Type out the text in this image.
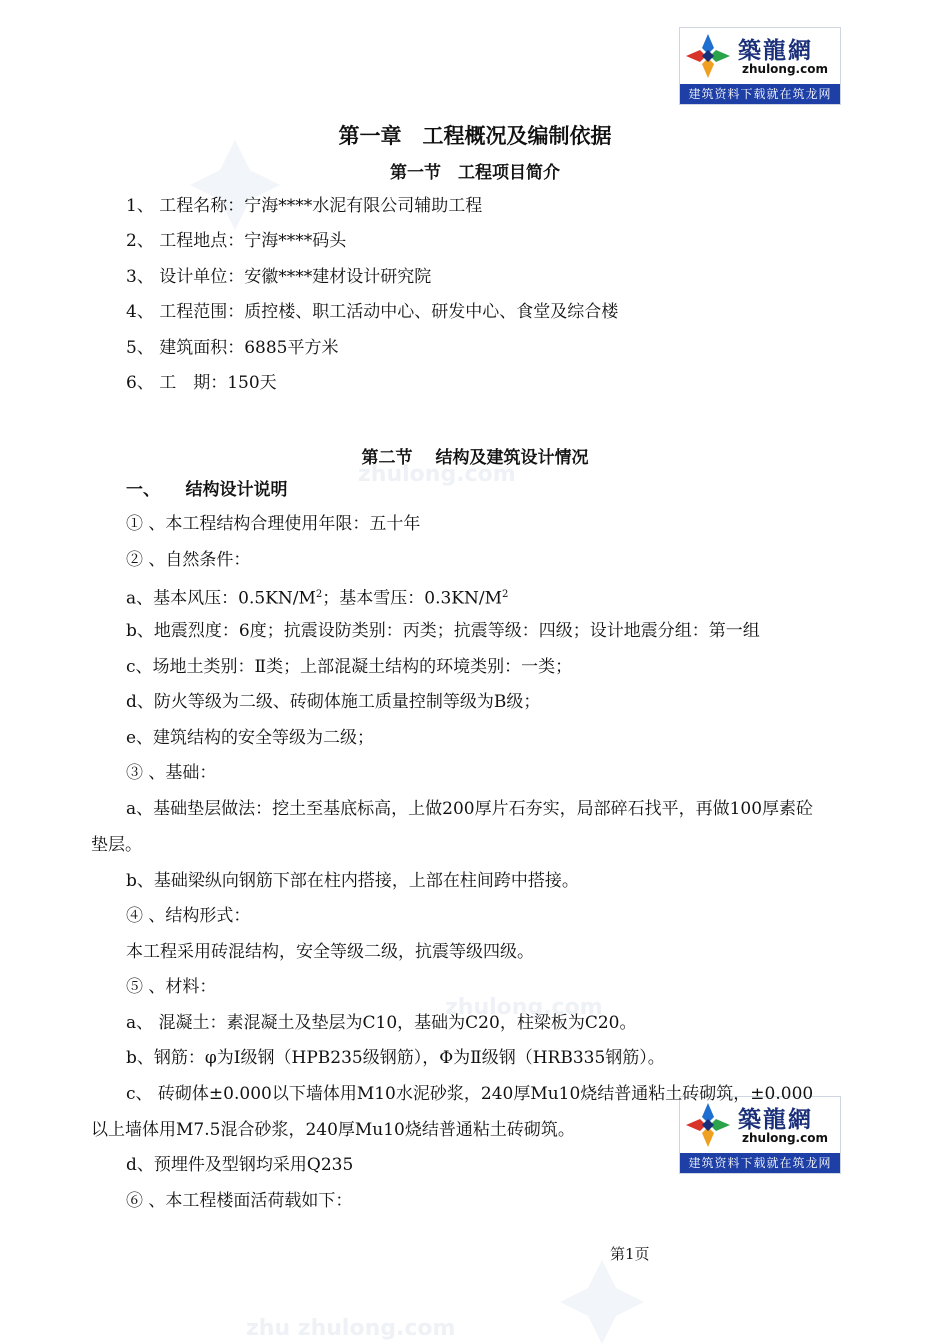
zhulong.com
zhulong.com
zhu zhulong.com
築龍網
zhulong.com
建筑资料下载就在筑龙网
築龍網
zhulong.com
建筑资料下载就在筑龙网
第一章　工程概况及编制依据
第一节　工程项目简介
1、 工程名称：宁海****水泥有限公司辅助工程
2、 工程地点：宁海****码头
3、 设计单位：安徽****建材设计研究院
4、 工程范围：质控楼、职工活动中心、研发中心、食堂及综合楼
5、 建筑面积：6885平方米
6、 工　期：150天
第二节　 结构及建筑设计情况
一、　　结构设计说明
① 、本工程结构合理使用年限：五十年
② 、自然条件：
a、基本风压：$0.5KN/M^2$；基本雪压：$0.3KN/M^2$
b、地震烈度：6度；抗震设防类别：丙类；抗震等级：四级；设计地震分组：第一组
c、场地土类别：Ⅱ类；上部混凝土结构的环境类别：一类；
d、防火等级为二级、砖砌体施工质量控制等级为B级；
e、建筑结构的安全等级为二级；
③ 、基础：
a、基础垫层做法：挖土至基底标高，上做200厚片石夯实，局部碎石找平，再做100厚素砼
垫层。
b、基础梁纵向钢筋下部在柱内搭接，上部在柱间跨中搭接。
④ 、结构形式：
本工程采用砖混结构，安全等级二级，抗震等级四级。
⑤ 、材料：
a、 混凝土：素混凝土及垫层为C10，基础为C20，柱梁板为C20。
b、钢筋：φ为Ⅰ级钢（HPB235级钢筋），Φ为Ⅱ级钢（HRB335钢筋）。
c、 砖砌体±0.000以下墙体用M10水泥砂浆，240厚Mu10烧结普通粘土砖砌筑，±0.000
以上墙体用M7.5混合砂浆，240厚Mu10烧结普通粘土砖砌筑。
d、预埋件及型钢均采用Q235
⑥ 、本工程楼面活荷载如下：
第1页
